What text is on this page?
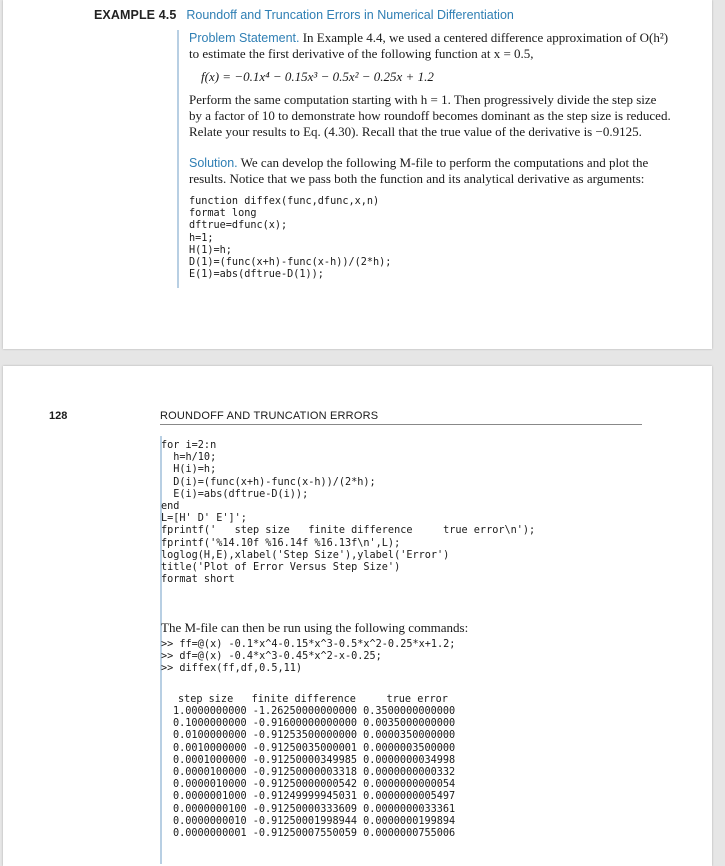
EXAMPLE 4.5 Roundoff and Truncation Errors in Numerical Differentiation

Problem Statement. In Example 4.4, we used a centered difference approximation of O(h²) to estimate the first derivative of the following function at x = 0.5,

f(x) = −0.1x⁴ − 0.15x³ − 0.5x² − 0.25x + 1.2

Perform the same computation starting with h = 1. Then progressively divide the step size by a factor of 10 to demonstrate how roundoff becomes dominant as the step size is reduced. Relate your results to Eq. (4.30). Recall that the true value of the derivative is −0.9125.

Solution. We can develop the following M-file to perform the computations and plot the results. Notice that we pass both the function and its analytical derivative as arguments:

function diffex(func,dfunc,x,n)
format long
dftrue=dfunc(x);
h=1;
H(1)=h;
D(1)=(func(x+h)-func(x-h))/(2*h);
E(1)=abs(dftrue-D(1));
128	ROUNDOFF AND TRUNCATION ERRORS
for i=2:n
h=h/10;
H(i)=h;
D(i)=(func(x+h)-func(x-h))/(2*h);
E(i)=abs(dftrue-D(i));
end
L=[H' D' E']';
fprintf('   step size   finite difference     true error\n');
fprintf('%14.10f %16.14f %16.13f\n',L);
loglog(H,E),xlabel('Step Size'),ylabel('Error')
title('Plot of Error Versus Step Size')
format short
The M-file can then be run using the following commands:
>> ff=@(x) -0.1*x^4-0.15*x^3-0.5*x^2-0.25*x+1.2;
>> df=@(x) -0.4*x^3-0.45*x^2-x-0.25;
>> diffex(ff,df,0.5,11)
step size   finite difference     true error
1.0000000000 -1.26250000000000 0.3500000000000
0.1000000000 -0.91600000000000 0.0035000000000
0.0100000000 -0.91253500000000 0.0000350000000
0.0010000000 -0.91250035000001 0.0000003500000
0.0001000000 -0.91250000349985 0.0000000034998
0.0000100000 -0.91250000003318 0.0000000000332
0.0000010000 -0.91250000000542 0.0000000000054
0.0000001000 -0.91249999945031 0.0000000005497
0.0000000100 -0.91250000333609 0.0000000033361
0.0000000010 -0.91250001998944 0.0000000199894
0.0000000001 -0.91250007550059 0.0000000755006
